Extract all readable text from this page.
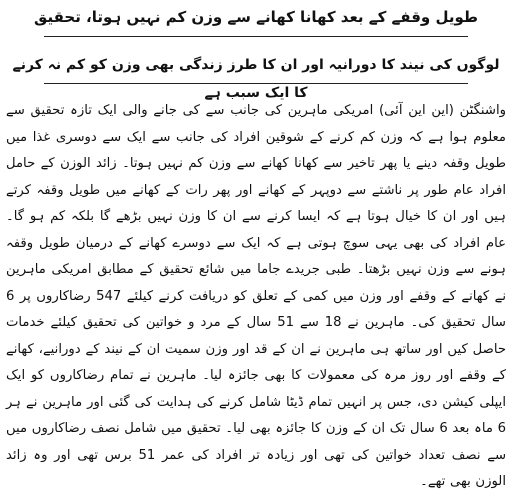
طویل وقفے کے بعد کھانا کھانے سے وزن کم نہیں ہوتا، تحقیق
لوگوں کی نیند کا دورانیہ اور ان کا طرز زندگی بھی وزن کو کم نہ کرنے کا ایک سبب ہے

واشنگٹن (این این آئی) امریکی ماہرین کی جانب سے کی جانے والی ایک تازہ تحقیق سے معلوم ہوا ہے کہ وزن کم کرنے کے شوقین افراد کی جانب سے ایک سے دوسری غذا میں طویل وقفہ دینے یا پھر تاخیر سے کھانا کھانے سے وزن کم نہیں ہوتا۔ زائد الوزن کے حامل افراد عام طور پر ناشتے سے دوپہر کے کھانے اور پھر رات کے کھانے میں طویل وقفہ کرتے ہیں اور ان کا خیال ہوتا ہے کہ ایسا کرنے سے ان کا وزن نہیں بڑھے گا بلکہ کم ہو گا۔ عام افراد کی بھی یہی سوچ ہوتی ہے کہ ایک سے دوسرے کھانے کے درمیان طویل وقفہ ہونے سے وزن نہیں بڑھتا۔ طبی جریدے جاما میں شائع تحقیق کے مطابق امریکی ماہرین نے کھانے کے وقفے اور وزن میں کمی کے تعلق کو دریافت کرنے کیلئے 547 رضاکاروں پر 6 سال تحقیق کی۔ ماہرین نے 18 سے 51 سال کے مرد و خواتین کی تحقیق کیلئے خدمات حاصل کیں اور ساتھ ہی ماہرین نے ان کے قد اور وزن سمیت ان کے نیند کے دورانیے، کھانے کے وقفے اور روز مرہ کی معمولات کا بھی جائزہ لیا۔ ماہرین نے تمام رضاکاروں کو ایک ایپلی کیشن دی، جس پر انہیں تمام ڈیٹا شامل کرنے کی ہدایت کی گئی اور ماہرین نے ہر 6 ماہ بعد 6 سال تک ان کے وزن کا جائزہ بھی لیا۔ تحقیق میں شامل نصف رضاکاروں میں سے نصف تعداد خواتین کی تھی اور زیادہ تر افراد کی عمر 51 برس تھی اور وہ زائد الوزن بھی تھے۔
